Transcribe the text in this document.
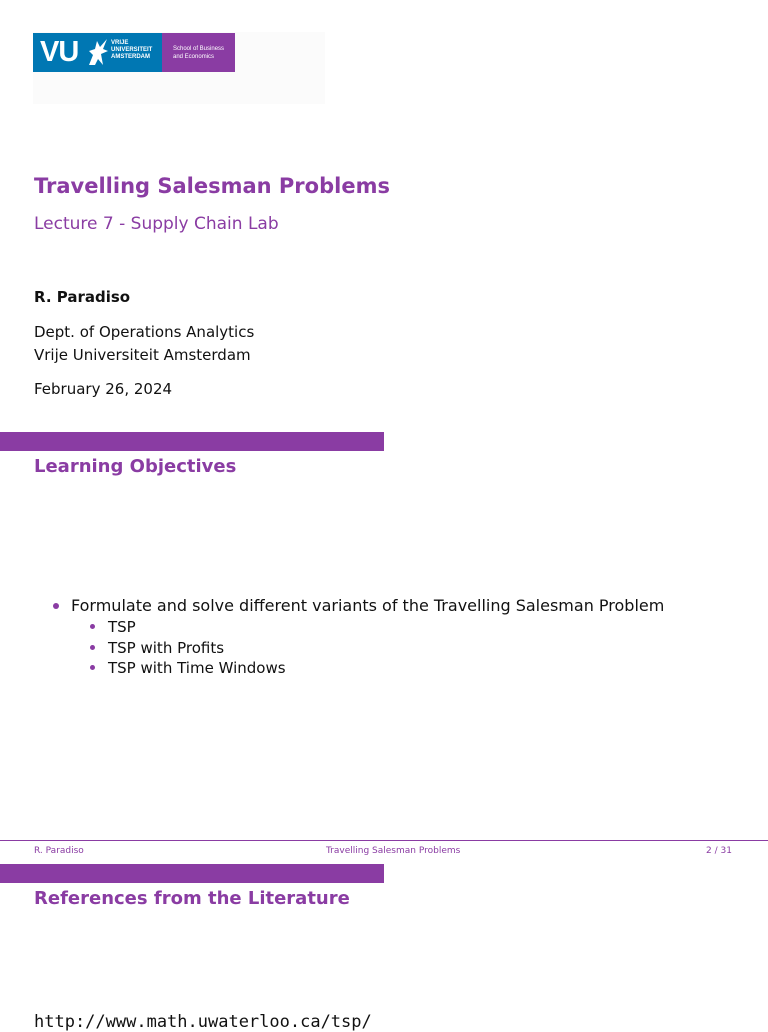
VU	VRIJE
UNIVERSITEIT
AMSTERDAM
School of Business
and Economics
Travelling Salesman Problems
Lecture 7 - Supply Chain Lab
R. Paradiso
Dept. of Operations Analytics
Vrije Universiteit Amsterdam
February 26, 2024
Learning Objectives
Formulate and solve different variants of the Travelling Salesman Problem
TSP
TSP with Profits
TSP with Time Windows
R. Paradiso	Travelling Salesman Problems	2 / 31
References from the Literature
http://www.math.uwaterloo.ca/tsp/
